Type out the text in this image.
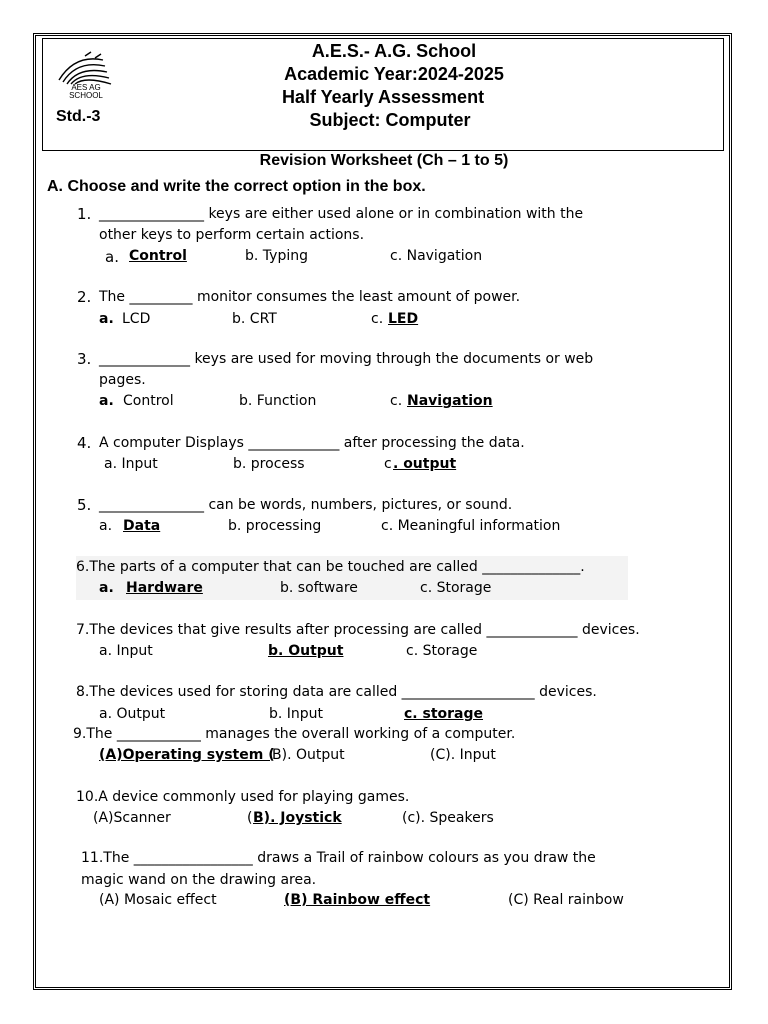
AES AG
SCHOOL
A.E.S.- A.G. School
Academic Year:2024-2025
Half Yearly Assessment
Subject: Computer
Std.-3
Revision Worksheet (Ch – 1 to 5)
A. Choose and write the correct option in the box.
1. _______________ keys are either used alone or in combination with the
other keys to perform certain actions.
a. Control	b. Typing	c. Navigation
2. The _________ monitor consumes the least amount of power.
a. LCD	b. CRT	c. LED
3. _____________ keys are used for moving through the documents or web
pages.
a. Control	b. Function	c. Navigation
4. A computer Displays _____________ after processing the data.
a. Input	b. process	c . output
5. _______________ can be words, numbers, pictures, or sound.
a. Data	b. processing	c. Meaningful information
6.The parts of a computer that can be touched are called ______________.
a. Hardware	b. software	c. Storage
7.The devices that give results after processing are called _____________ devices.
a. Input	b. Output	c. Storage
8.The devices used for storing data are called ___________________ devices.
a. Output	b. Input	c. storage
9.The ____________ manages the overall working of a computer.
(A)Operating system (
B). Output	(C). Input
10.A device commonly used for playing games.
(A)Scanner	( B). Joystick	(c). Speakers
11.The _________________ draws a Trail of rainbow colours as you draw the
magic wand on the drawing area.
(A) Mosaic effect	(B) Rainbow effect	(C) Real rainbow
